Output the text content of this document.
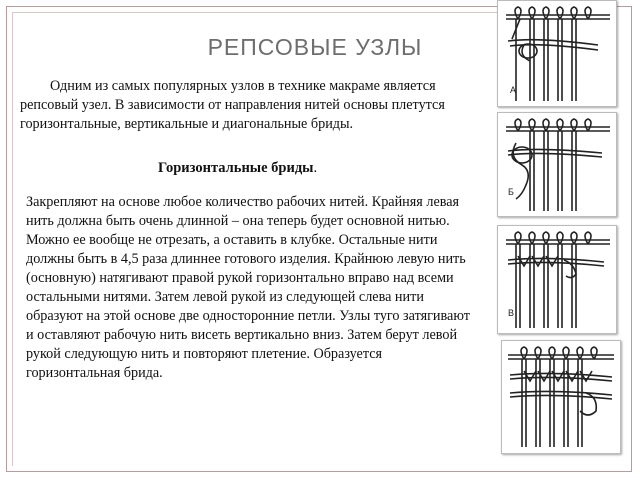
РЕПСОВЫЕ УЗЛЫ

Одним из самых популярных узлов в технике макраме является репсовый узел. В зависимости от направления нитей основы плетутся горизонтальные, вертикальные и диагональные бриды.

Горизонтальные бриды.

Закрепляют на основе любое количество рабочих нитей. Крайняя левая нить должна быть очень длинной – она теперь будет основной нитью. Можно ее вообще не отрезать, а оставить в клубке. Остальные нити должны быть в 4,5 раза длиннее готового изделия. Крайнюю левую нить (основную) натягивают правой рукой горизонтально вправо над всеми остальными нитями. Затем левой рукой из следующей слева нити образуют на этой основе две односторонние петли. Узлы туго затягивают и оставляют рабочую нить висеть вертикально вниз. Затем берут левой рукой следующую нить и повторяют плетение. Образуется горизонтальная брида.

А
Б
В
